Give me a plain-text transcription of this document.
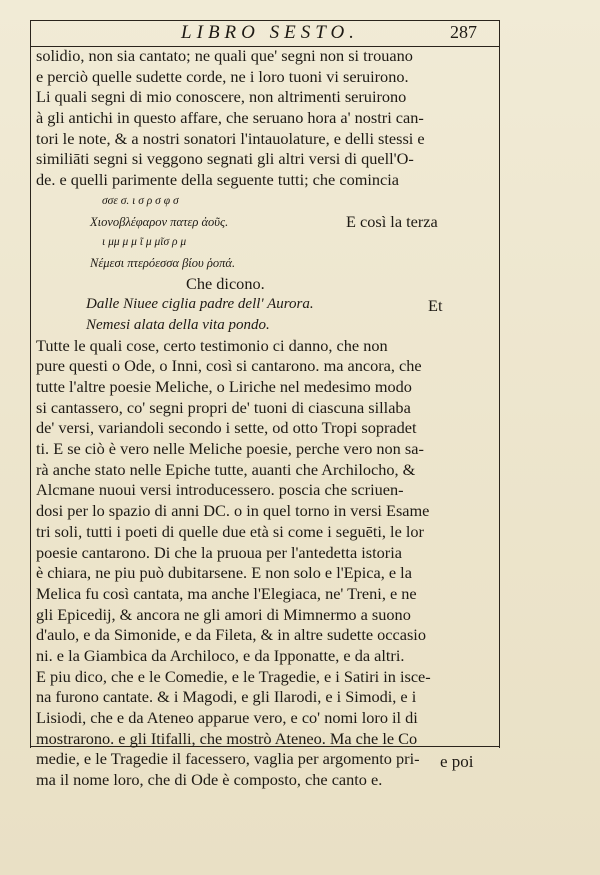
LIBRO SESTO.	287
solidio, non sia cantato; ne quali que' segni non si trouano
e perciò quelle sudette corde, ne i loro tuoni vi seruirono.
Li quali segni di mio conoscere, non altrimenti seruirono
à gli antichi in questo affare, che seruano hora a' nostri can-
tori le note, & a nostri sonatori l'intauolature, e delli stessi e
similiāti segni si veggono segnati gli altri versi di quell'O-
de. e quelli parimente della seguente tutti; che comincia
σσε σ. ι σ ρ σ φ σ
Χιονοβλέφαρον πατερ ἀοῦς.	E così la terza
ι μμ μ μ ῖ μ μῖσ ρ μ
Νέμεσι πτερόεσσα βίου ῥοπά.
Che dicono.
Dalle Niuee ciglia padre dell' Aurora.	Et
Nemesi alata della vita pondo.
Tutte le quali cose, certo testimonio ci danno, che non
pure questi o Ode, o Inni, così si cantarono. ma ancora, che
tutte l'altre poesie Meliche, o Liriche nel medesimo modo
si cantassero, co' segni propri de' tuoni di ciascuna sillaba
de' versi, variandoli secondo i sette, od otto Tropi sopradet
ti. E se ciò è vero nelle Meliche poesie, perche vero non sa-
rà anche stato nelle Epiche tutte, auanti che Archilocho, &
Alcmane nuoui versi introducessero. poscia che scriuen-
dosi per lo spazio di anni DC. o in quel torno in versi Esame
tri soli, tutti i poeti di quelle due età si come i seguēti, le lor
poesie cantarono. Di che la pruoua per l'antedetta istoria
è chiara, ne piu può dubitarsene. E non solo e l'Epica, e la
Melica fu così cantata, ma anche l'Elegiaca, ne' Treni, e ne
gli Epicedij, & ancora ne gli amori di Mimnermo a suono
d'aulo, e da Simonide, e da Fileta, & in altre sudette occasio
ni. e la Giambica da Archiloco, e da Ipponatte, e da altri.
E piu dico, che e le Comedie, e le Tragedie, e i Satiri in isce-
na furono cantate. & i Magodi, e gli Ilarodi, e i Simodi, e i
Lisiodi, che e da Ateneo apparue vero, e co' nomi loro il di
mostrarono. e gli Itifalli, che mostrò Ateneo. Ma che le Co
medie, e le Tragedie il facessero, vaglia per argomento pri-
ma il nome loro, che di Ode è composto, che canto e.
e poi
